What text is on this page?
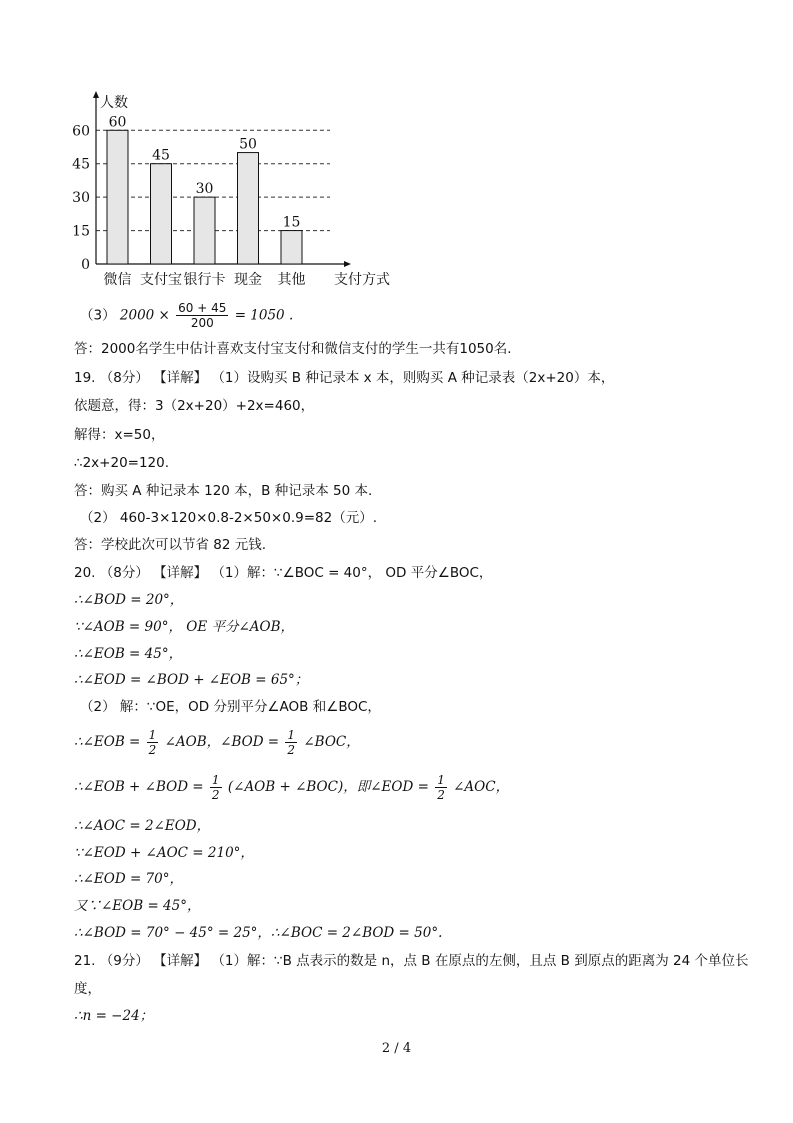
0
15
30
45
60
人数
60
微信
45
支付宝
30
银行卡
50
现金
15
其他 支付方式
（3） $2000 \times \frac{60 + 45}{200} = 1050$ .
答：2000名学生中估计喜欢支付宝支付和微信支付的学生一共有1050名.
19. （8分） 【详解】 （1）设购买 B 种记录本 x 本，则购买 A 种记录表（2x+20）本，
依题意，得：3（2x+20）+2x=460，
解得：x=50，
∴2x+20=120.
答：购买 A 种记录本 120 本，B 种记录本 50 本.
（2） 460-3×120×0.8-2×50×0.9=82（元）.
答：学校此次可以节省 82 元钱.
20. （8分） 【详解】 （1）解：∵∠BOC = 40°， OD 平分∠BOC，
∴∠BOD = 20°，
∵∠AOB = 90°， OE 平分∠AOB，
∴∠EOB = 45°，
∴∠EOD = ∠BOD + ∠EOB = 65°；
（2） 解：∵OE，OD 分别平分∠AOB 和∠BOC，
∴∠EOB = $\frac{1}{2}$ ∠AOB，∠BOD = $\frac{1}{2}$ ∠BOC，
∴∠EOB + ∠BOD = $\frac{1}{2}$ (∠AOB + ∠BOC)，即∠EOD = $\frac{1}{2}$ ∠AOC，
∴∠AOC = 2∠EOD，
∵∠EOD + ∠AOC = 210°，
∴∠EOD = 70°，
又∵∠EOB = 45°，
∴∠BOD = 70° − 45° = 25°，∴∠BOC = 2∠BOD = 50°.
21. （9分） 【详解】 （1）解：∵B 点表示的数是 n，点 B 在原点的左侧，且点 B 到原点的距离为 24 个单位长
度，
∴n = −24；
2 / 4
